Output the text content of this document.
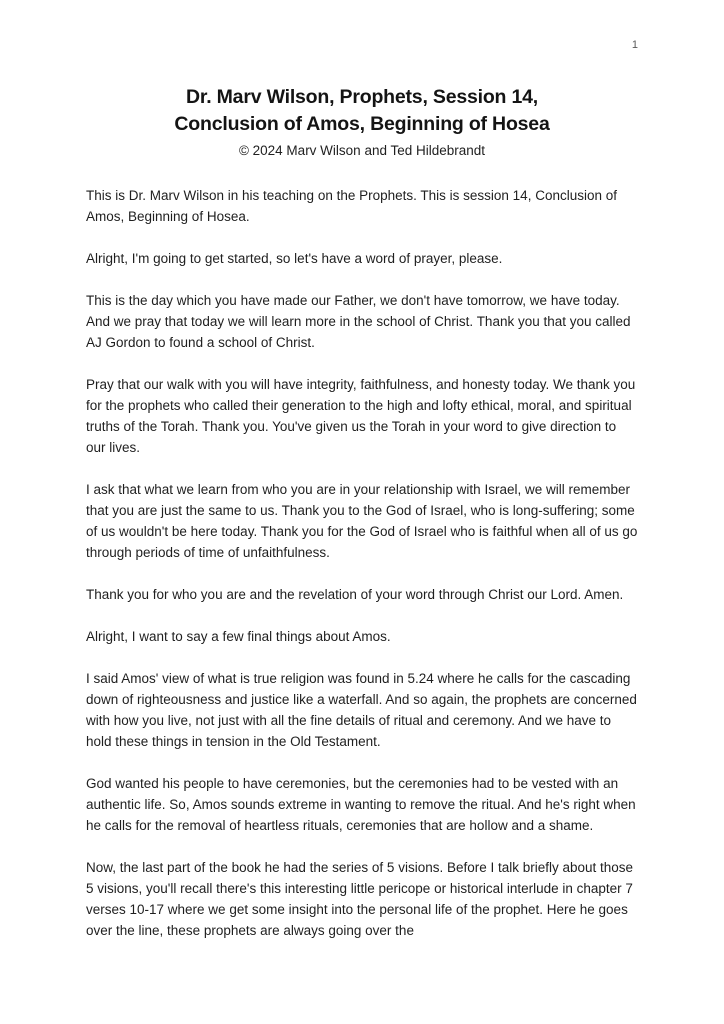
1
Dr. Marv Wilson, Prophets, Session 14,
Conclusion of Amos, Beginning of Hosea
© 2024 Marv Wilson and Ted Hildebrandt

This is Dr. Marv Wilson in his teaching on the Prophets. This is session 14, Conclusion of Amos, Beginning of Hosea.

Alright, I'm going to get started, so let's have a word of prayer, please.

This is the day which you have made our Father, we don't have tomorrow, we have today. And we pray that today we will learn more in the school of Christ. Thank you that you called AJ Gordon to found a school of Christ.

Pray that our walk with you will have integrity, faithfulness, and honesty today. We thank you for the prophets who called their generation to the high and lofty ethical, moral, and spiritual truths of the Torah. Thank you. You've given us the Torah in your word to give direction to our lives.

I ask that what we learn from who you are in your relationship with Israel, we will remember that you are just the same to us. Thank you to the God of Israel, who is long-suffering; some of us wouldn't be here today. Thank you for the God of Israel who is faithful when all of us go through periods of time of unfaithfulness.

Thank you for who you are and the revelation of your word through Christ our Lord. Amen.

Alright, I want to say a few final things about Amos.

I said Amos' view of what is true religion was found in 5.24 where he calls for the cascading down of righteousness and justice like a waterfall. And so again, the prophets are concerned with how you live, not just with all the fine details of ritual and ceremony. And we have to hold these things in tension in the Old Testament.

God wanted his people to have ceremonies, but the ceremonies had to be vested with an authentic life. So, Amos sounds extreme in wanting to remove the ritual. And he's right when he calls for the removal of heartless rituals, ceremonies that are hollow and a shame.

Now, the last part of the book he had the series of 5 visions. Before I talk briefly about those 5 visions, you'll recall there's this interesting little pericope or historical interlude in chapter 7 verses 10-17 where we get some insight into the personal life of the prophet. Here he goes over the line, these prophets are always going over the
